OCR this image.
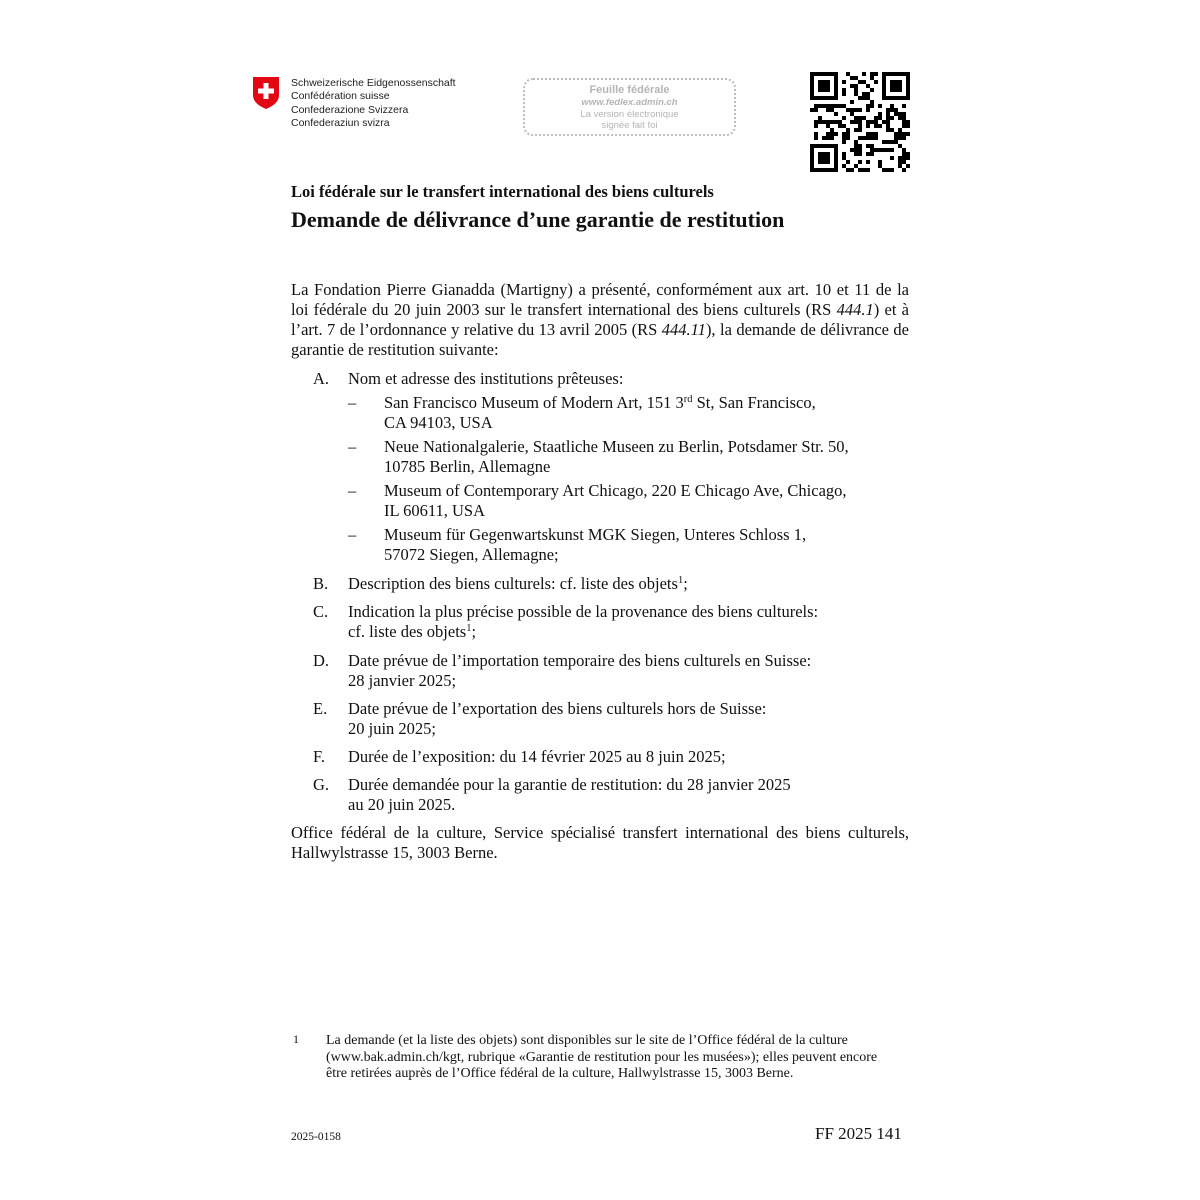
Schweizerische Eidgenossenschaft
Confédération suisse
Confederazione Svizzera
Confederaziun svizra
Feuille fédérale
www.fedlex.admin.ch
La version électronique
signée fait foi
Loi fédérale sur le transfert international des biens culturels
Demande de délivrance d’une garantie de restitution
La Fondation Pierre Gianadda (Martigny) a présenté, conformément aux art. 10 et 11 de la loi fédérale du 20 juin 2003 sur le transfert international des biens culturels (RS 444.1) et à l’art. 7 de l’ordonnance y relative du 13 avril 2005 (RS 444.11), la demande de délivrance de garantie de restitution suivante:
A. Nom et adresse des institutions prêteuses:
– San Francisco Museum of Modern Art, 151 3rd St, San Francisco,
CA 94103, USA
– Neue Nationalgalerie, Staatliche Museen zu Berlin, Potsdamer Str. 50,
10785 Berlin, Allemagne
– Museum of Contemporary Art Chicago, 220 E Chicago Ave, Chicago,
IL 60611, USA
– Museum für Gegenwartskunst MGK Siegen, Unteres Schloss 1,
57072 Siegen, Allemagne;
B. Description des biens culturels: cf. liste des objets$^1$;
C. Indication la plus précise possible de la provenance des biens culturels:
cf. liste des objets$^1$;
D. Date prévue de l’importation temporaire des biens culturels en Suisse:
28 janvier 2025;
E. Date prévue de l’exportation des biens culturels hors de Suisse:
20 juin 2025;
F. Durée de l’exposition: du 14 février 2025 au 8 juin 2025;
G. Durée demandée pour la garantie de restitution: du 28 janvier 2025
au 20 juin 2025.
Office fédéral de la culture, Service spécialisé transfert international des biens culturels, Hallwylstrasse 15, 3003 Berne.
1 La demande (et la liste des objets) sont disponibles sur le site de l’Office fédéral de la culture (www.bak.admin.ch/kgt, rubrique «Garantie de restitution pour les musées»); elles peuvent encore être retirées auprès de l’Office fédéral de la culture, Hallwylstrasse 15, 3003 Berne.
2025-0158	FF 2025 141
